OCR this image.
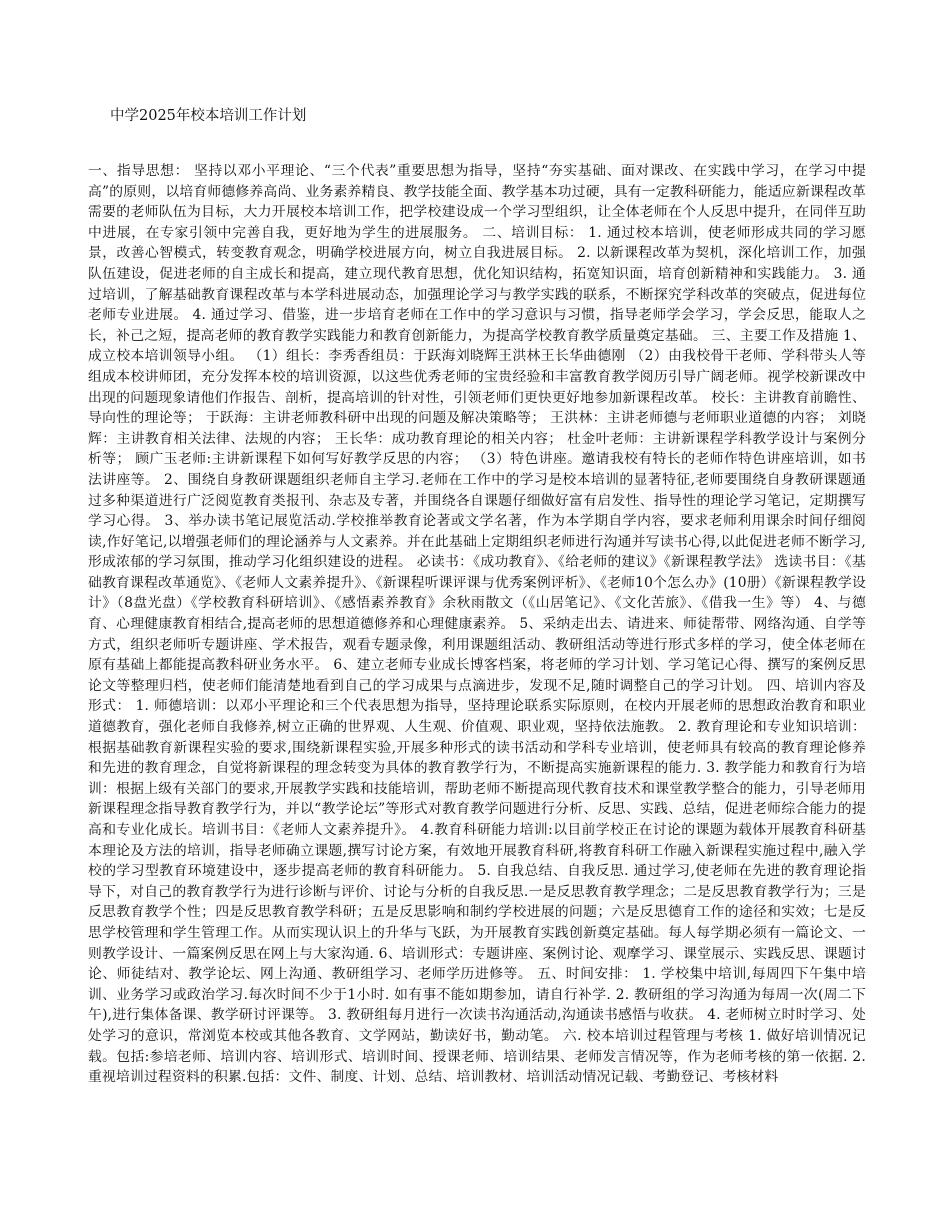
中学2025年校本培训工作计划

一、指导思想： 坚持以邓小平理论、“三个代表”重要思想为指导，坚持“夯实基础、面对课改、在实践中学习，在学习中提高”的原则，以培育师德修养高尚、业务素养精良、教学技能全面、教学基本功过硬，具有一定教科研能力，能适应新课程改革需要的老师队伍为目标，大力开展校本培训工作，把学校建设成一个学习型组织，让全体老师在个人反思中提升，在同伴互助中进展，在专家引领中完善自我，更好地为学生的进展服务。 二、培训目标： 1. 通过校本培训，使老师形成共同的学习愿景，改善心智模式，转变教育观念，明确学校进展方向，树立自我进展目标。 2. 以新课程改革为契机，深化培训工作，加强队伍建设，促进老师的自主成长和提高，建立现代教育思想，优化知识结构，拓宽知识面，培育创新精神和实践能力。 3. 通过培训，了解基础教育课程改革与本学科进展动态，加强理论学习与教学实践的联系，不断探究学科改革的突破点，促进每位老师专业进展。 4. 通过学习、借鉴，进一步培育老师在工作中的学习意识与习惯，指导老师学会学习，学会反思，能取人之长，补己之短，提高老师的教育教学实践能力和教育创新能力，为提高学校教育教学质量奠定基础。 三、主要工作及措施 1、成立校本培训领导小组。 （1）组长：李秀香组员：于跃海刘晓辉王洪林王长华曲德刚 （2）由我校骨干老师、学科带头人等组成本校讲师团，充分发挥本校的培训资源，以这些优秀老师的宝贵经验和丰富教育教学阅历引导广阔老师。视学校新课改中出现的问题现象请他们作报告、剖析，提高培训的针对性，引领老师们更快更好地参加新课程改革。 校长：主讲教育前瞻性、导向性的理论等； 于跃海：主讲老师教科研中出现的问题及解决策略等； 王洪林：主讲老师德与老师职业道德的内容； 刘晓辉：主讲教育相关法律、法规的内容； 王长华：成功教育理论的相关内容； 杜金叶老师：主讲新课程学科教学设计与案例分析等； 顾广玉老师:主讲新课程下如何写好教学反思的内容； （3）特色讲座。邀请我校有特长的老师作特色讲座培训，如书法讲座等。 2、围绕自身教研课题组织老师自主学习.老师在工作中的学习是校本培训的显著特征,老师要围绕自身教研课题通过多种渠道进行广泛阅览教育类报刊、杂志及专著，并围绕各自课题仔细做好富有启发性、指导性的理论学习笔记，定期撰写学习心得。 3、举办读书笔记展览活动.学校推举教育论著或文学名著，作为本学期自学内容，要求老师利用课余时间仔细阅读,作好笔记,以增强老师们的理论涵养与人文素养。并在此基础上定期组织老师进行沟通并写读书心得,以此促进老师不断学习,形成浓郁的学习氛围，推动学习化组织建设的进程。 必读书：《成功教育》、《给老师的建议》《新课程教学法》 选读书目：《基础教育课程改革通览》、《老师人文素养提升》、《新课程听课评课与优秀案例评析》、《老师10个怎么办》(10册）《新课程教学设计》（8盘光盘）《学校教育科研培训》、《感悟素养教育》余秋雨散文（《山居笔记》、《文化苦旅》、《借我一生》等） 4、与德育、心理健康教育相结合,提高老师的思想道德修养和心理健康素养。 5、采纳走出去、请进来、师徒帮带、网络沟通、自学等方式，组织老师听专题讲座、学术报告，观看专题录像，利用课题组活动、教研组活动等进行形式多样的学习，使全体老师在原有基础上都能提高教科研业务水平。 6、建立老师专业成长博客档案，将老师的学习计划、学习笔记心得、撰写的案例反思论文等整理归档，使老师们能清楚地看到自己的学习成果与点滴进步，发现不足,随时调整自己的学习计划。 四、培训内容及形式： 1. 师德培训：以邓小平理论和三个代表思想为指导，坚持理论联系实际原则，在校内开展老师的思想政治教育和职业道德教育，强化老师自我修养,树立正确的世界观、人生观、价值观、职业观，坚持依法施教。 2. 教育理论和专业知识培训：根据基础教育新课程实验的要求,围绕新课程实验,开展多种形式的读书活动和学科专业培训，使老师具有较高的教育理论修养和先进的教育理念，自觉将新课程的理念转变为具体的教育教学行为，不断提高实施新课程的能力. 3. 教学能力和教育行为培训：根据上级有关部门的要求,开展教学实践和技能培训，帮助老师不断提高现代教育技术和课堂教学整合的能力，引导老师用新课程理念指导教育教学行为，并以“教学论坛”等形式对教育教学问题进行分析、反思、实践、总结，促进老师综合能力的提高和专业化成长。培训书目：《老师人文素养提升》。 4.教育科研能力培训:以目前学校正在讨论的课题为载体开展教育科研基本理论及方法的培训，指导老师确立课题,撰写讨论方案，有效地开展教育科研,将教育科研工作融入新课程实施过程中,融入学校的学习型教育环境建设中，逐步提高老师的教育科研能力。 5. 自我总结、自我反思. 通过学习,使老师在先进的教育理论指导下，对自己的教育教学行为进行诊断与评价、讨论与分析的自我反思.一是反思教育教学理念；二是反思教育教学行为；三是反思教育教学个性；四是反思教育教学科研；五是反思影响和制约学校进展的问题；六是反思德育工作的途径和实效；七是反思学校管理和学生管理工作。从而实现认识上的升华与飞跃，为开展教育实践创新奠定基础。每人每学期必须有一篇论文、一则教学设计、一篇案例反思在网上与大家沟通. 6、培训形式：专题讲座、案例讨论、观摩学习、课堂展示、实践反思、课题讨论、师徒结对、教学论坛、网上沟通、教研组学习、老师学历进修等。 五、时间安排： 1. 学校集中培训,每周四下午集中培训、业务学习或政治学习.每次时间不少于1小时. 如有事不能如期参加，请自行补学. 2. 教研组的学习沟通为每周一次(周二下午),进行集体备课、教学研讨评课等。 3. 教研组每月进行一次读书沟通活动,沟通读书感悟与收获。 4. 老师树立时时学习、处处学习的意识，常浏览本校或其他各教育、文学网站，勤读好书，勤动笔。 六. 校本培训过程管理与考核 1. 做好培训情况记载。包括:参培老师、培训内容、培训形式、培训时间、授课老师、培训结果、老师发言情况等，作为老师考核的第一依据. 2. 重视培训过程资料的积累.包括：文件、制度、计划、总结、培训教材、培训活动情况记载、考勤登记、考核材料
